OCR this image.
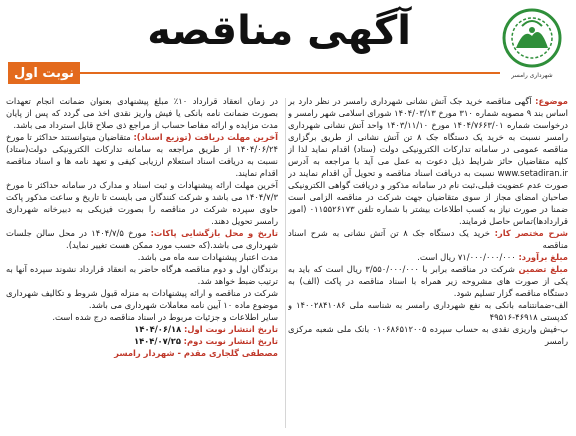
شهرداری رامسر
آگهی مناقصه
نوبت اول

موضوع: آگهی مناقصه خرید جک آتش نشانی شهرداری رامسر در نظر دارد بر اساس بند ۹ مصوبه شماره ۳۱۰ مورخ ۱۴۰۴/۰۳/۱۳ شورای اسلامی شهر رامسر و درخواست شماره ۱۴۰۴/۷۶۶۳/۰۱ مورخ ۱۴۰۳/۱۱/۱۰ واحد آتش نشانی شهرداری رامسر نسبت به خرید یک دستگاه جک ۸ تن آتش نشانی از طریق برگزاری مناقصه عمومی در سامانه تدارکات الکترونیکی دولت (ستاد) اقدام نماید لذا از کلیه متقاضیان حائز شرایط ذیل دعوت به عمل می آید با مراجعه به آدرس www.setadiran.ir نسبت به دریافت اسناد مناقصه و تحویل آن اقدام نمایند در صورت عدم عضویت قبلی،ثبت نام در سامانه مذکور و دریافت گواهی الکترونیکی صاحبان امضای مجاز از سوی متقاضیان جهت شرکت در مناقصه الزامی است ضمنا در صورت نیاز به کسب اطلاعات بیشتر با شماره تلفن ۰۱۱۵۵۲۶۱۷۳ (امور قراردادها)تماس حاصل فرمایند.

شرح مختصر کار: خرید یک دستگاه جک ۸ تن آتش نشانی به شرح اسناد مناقصه

مبلغ برآورد: ۷۱/۰۰۰/۰۰۰/۰۰۰ ریال است.

مبلغ تضمین شرکت در مناقصه برابر با ۳/۵۵۰/۰۰۰/۰۰۰ ریال است که باید به یکی از صورت های مشروحه زیر همراه با اسناد مناقصه در پاکت (الف) به دستگاه مناقصه گزار تسلیم شود.

الف-ضمانتنامه بانکی به نفع شهرداری رامسر به شناسه ملی ۱۴۰۰۲۸۴۱۰۸۶ و کدپستی ۴۶۹۱۸-۴۹۵۱۶

ب-فیش واریزی نقدی به حساب سپرده ۰۱۰۶۸۶۵۱۲۰۰۵ بانک ملی شعبه مرکزی رامسر

در زمان انعقاد قرارداد ۱۰٪ مبلغ پیشنهادی بعنوان ضمانت انجام تعهدات بصورت ضمانت نامه بانکی یا فیش واریز نقدی اخذ می گردد که پس از پایان مدت مزایده و ارائه مفاصا حساب از مراجع ذی صلاح قابل استرداد می باشد.

آخرین مهلت دریافت (توزیع اسناد): متقاضیان میتوانستند حداکثر تا مورخ ۱۴۰۴/۰۶/۲۴ از طریق مراجعه به سامانه تدارکات الکترونیکی دولت(ستاد) نسبت به دریافت اسناد استعلام ارزیابی کیفی و تعهد نامه ها و اسناد مناقصه اقدام نمایند.

آخرین مهلت ارائه پیشنهادات و ثبت اسناد و مدارک در سامانه حداکثر تا مورخ ۱۴۰۴/۷/۳ می باشد و شرکت کنندگان می بایست تا تاریخ و ساعت مذکور پاکت حاوی سپرده شرکت در مناقصه را بصورت فیزیکی به دبیرخانه شهرداری رامسر تحویل دهند.

تاریخ و محل بازگشایی پاکات: مورخ ۱۴۰۴/۷/۵ در محل سالن جلسات شهرداری می باشد.(که حسب مورد ممکن هست تغییر نماید).

مدت اعتبار پیشنهادات سه ماه می باشد.

برندگان اول و دوم مناقصه هرگاه حاضر به انعقاد قرارداد نشوند سپرده آنها به ترتیب ضبط خواهد شد.

شرکت در مناقصه و ارائه پیشنهادات به منزله قبول شروط و تکالیف شهرداری موضوع ماده ۱۰ آیین نامه معاملات شهرداری می باشد.

سایر اطلاعات و جزئیات مربوط در اسناد مناقصه درج شده است.

تاریخ انتشار نوبت اول: ۱۴۰۴/۰۶/۱۸

تاریخ انتشار نوبت دوم: ۱۴۰۴/۰۷/۲۵

مصطفی گلجاری مقدم - شهردار رامسر
